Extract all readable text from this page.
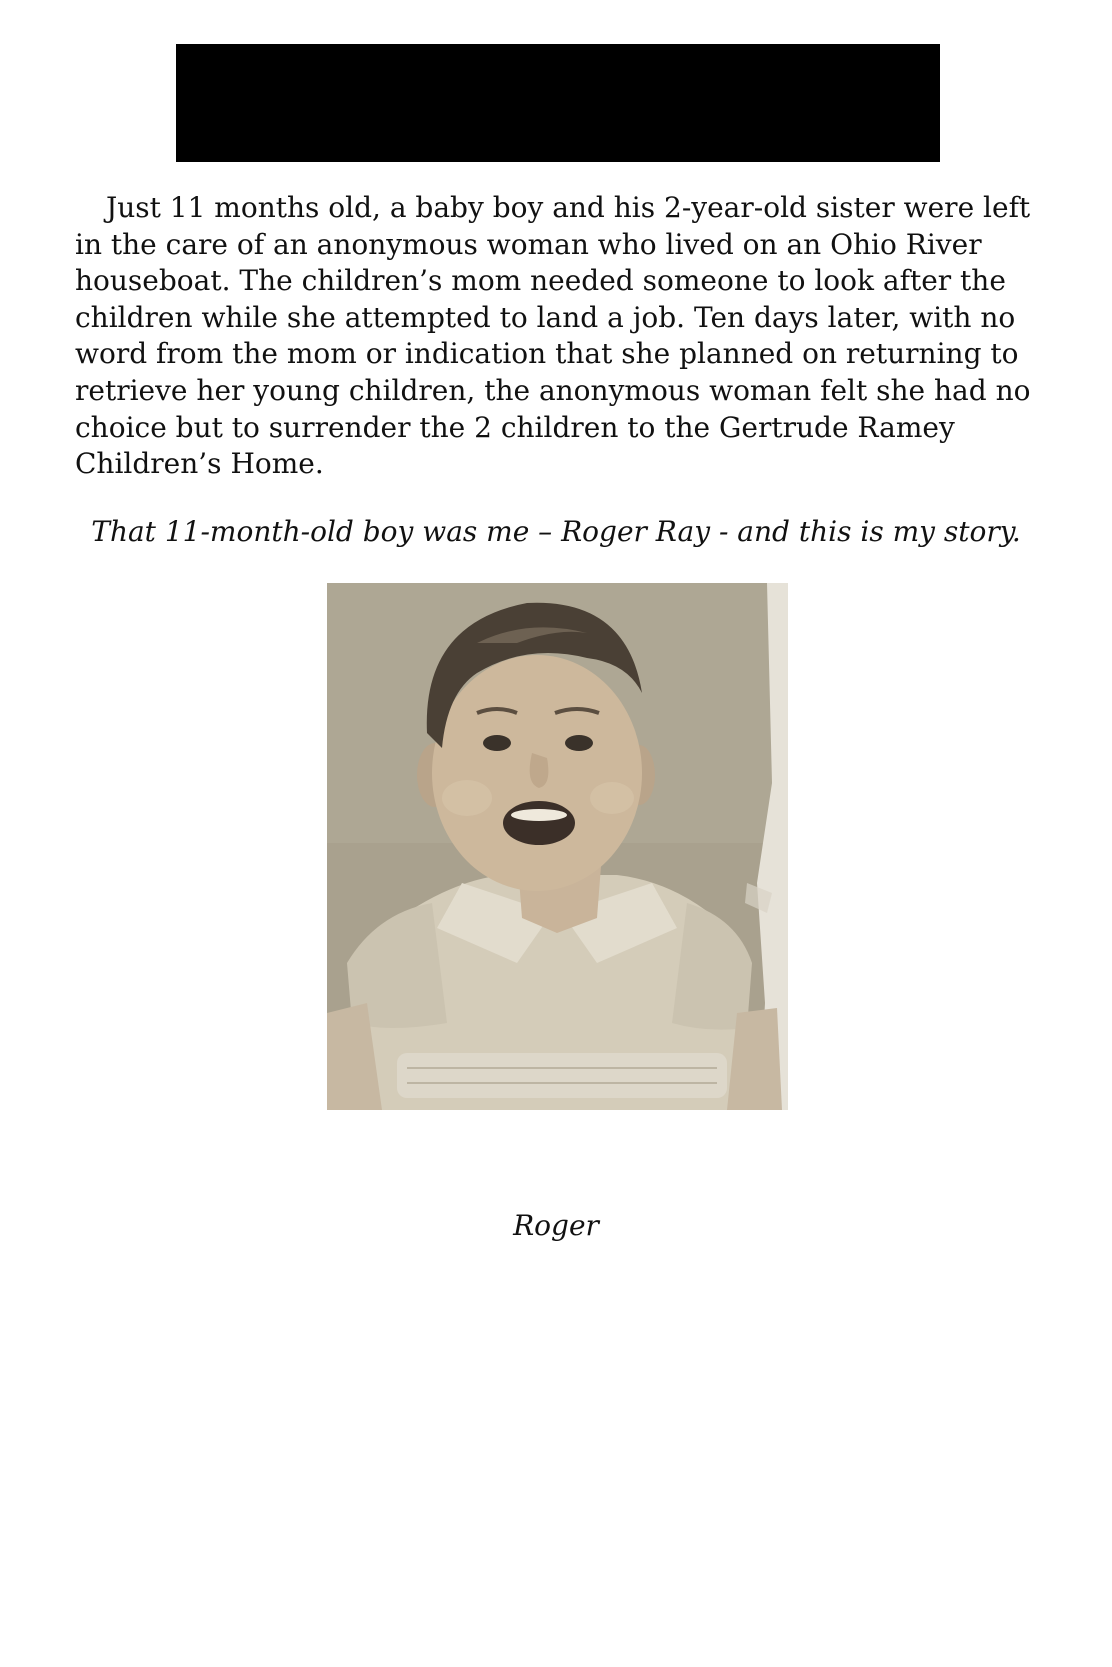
Just 11 months old, a baby boy and his 2-year-old sister were left in the care of an anonymous woman who lived on an Ohio River houseboat. The children’s mom needed someone to look after the children while she attempted to land a job. Ten days later, with no word from the mom or indication that she planned on returning to retrieve her young children, the anonymous woman felt she had no choice but to surrender the 2 children to the Gertrude Ramey Children’s Home.

That 11-month-old boy was me – Roger Ray - and this is my story.

Roger
